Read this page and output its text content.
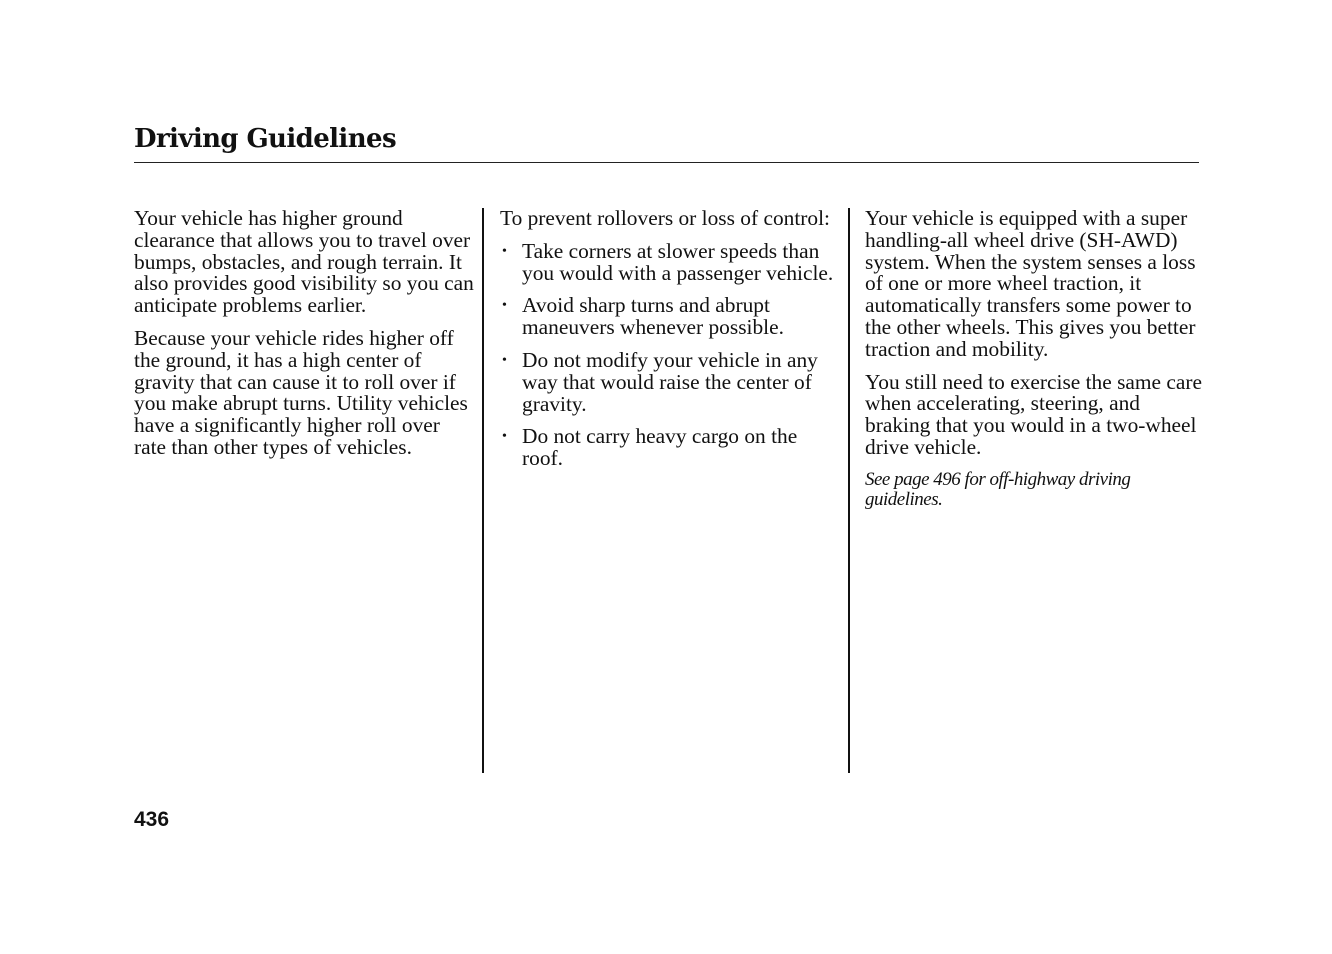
Driving Guidelines

Your vehicle has higher ground clearance that allows you to travel over bumps, obstacles, and rough terrain. It also provides good visibility so you can anticipate problems earlier.

Because your vehicle rides higher off the ground, it has a high center of gravity that can cause it to roll over if you make abrupt turns. Utility vehicles have a significantly higher roll over rate than other types of vehicles.

To prevent rollovers or loss of control:

• Take corners at slower speeds than you would with a passenger vehicle.
• Avoid sharp turns and abrupt maneuvers whenever possible.
• Do not modify your vehicle in any way that would raise the center of gravity.
• Do not carry heavy cargo on the roof.

Your vehicle is equipped with a super handling-all wheel drive (SH-AWD) system. When the system senses a loss of one or more wheel traction, it automatically transfers some power to the other wheels. This gives you better traction and mobility.

You still need to exercise the same care when accelerating, steering, and braking that you would in a two-wheel drive vehicle.

See page 496 for off-highway driving guidelines.

436
